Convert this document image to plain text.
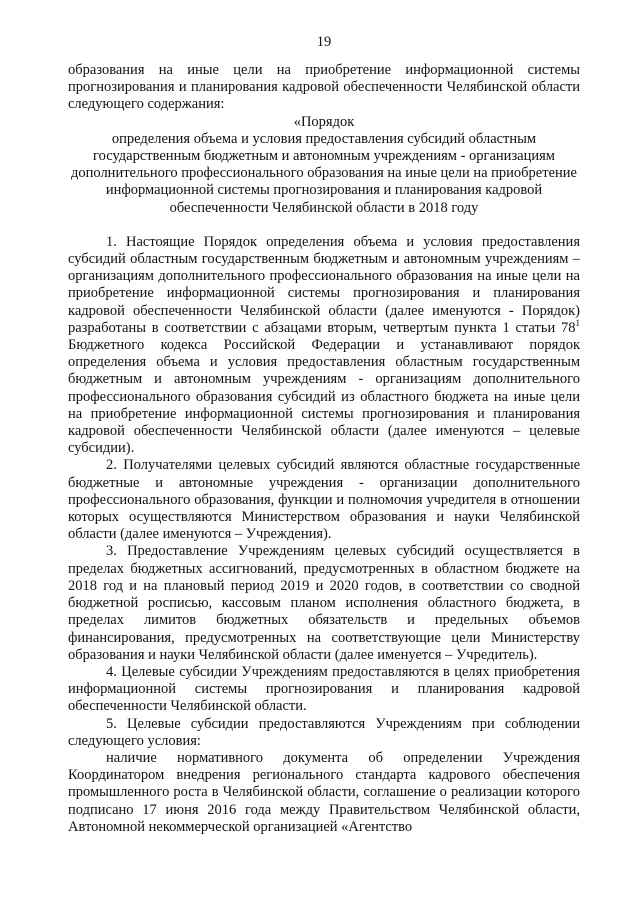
19

образования на иные цели на приобретение информационной системы прогнозирования и планирования кадровой обеспеченности Челябинской области следующего содержания:

«Порядок

определения объема и условия предоставления субсидий областным государственным бюджетным и автономным учреждениям - организациям дополнительного профессионального образования на иные цели на приобретение информационной системы прогнозирования и планирования кадровой обеспеченности Челябинской области в 2018 году

1. Настоящие Порядок определения объема и условия предоставления субсидий областным государственным бюджетным и автономным учреждениям – организациям дополнительного профессионального образования на иные цели на приобретение информационной системы прогнозирования и планирования кадровой обеспеченности Челябинской области (далее именуются - Порядок) разработаны в соответствии с абзацами вторым, четвертым пункта 1 статьи $78^1$ Бюджетного кодекса Российской Федерации и устанавливают порядок определения объема и условия предоставления областным государственным бюджетным и автономным учреждениям - организациям дополнительного профессионального образования субсидий из областного бюджета на иные цели на приобретение информационной системы прогнозирования и планирования кадровой обеспеченности Челябинской области (далее именуются – целевые субсидии).

2. Получателями целевых субсидий являются областные государственные бюджетные и автономные учреждения - организации дополнительного профессионального образования, функции и полномочия учредителя в отношении которых осуществляются Министерством образования и науки Челябинской области (далее именуются – Учреждения).

3. Предоставление Учреждениям целевых субсидий осуществляется в пределах бюджетных ассигнований, предусмотренных в областном бюджете на 2018 год и на плановый период 2019 и 2020 годов, в соответствии со сводной бюджетной росписью, кассовым планом исполнения областного бюджета, в пределах лимитов бюджетных обязательств и предельных объемов финансирования, предусмотренных на соответствующие цели Министерству образования и науки Челябинской области (далее именуется – Учредитель).

4. Целевые субсидии Учреждениям предоставляются в целях приобретения информационной системы прогнозирования и планирования кадровой обеспеченности Челябинской области.

5. Целевые субсидии предоставляются Учреждениям при соблюдении следующего условия:

наличие нормативного документа об определении Учреждения Координатором внедрения регионального стандарта кадрового обеспечения промышленного роста в Челябинской области, соглашение о реализации которого подписано 17 июня 2016 года между Правительством Челябинской области, Автономной некоммерческой организацией «Агентство
